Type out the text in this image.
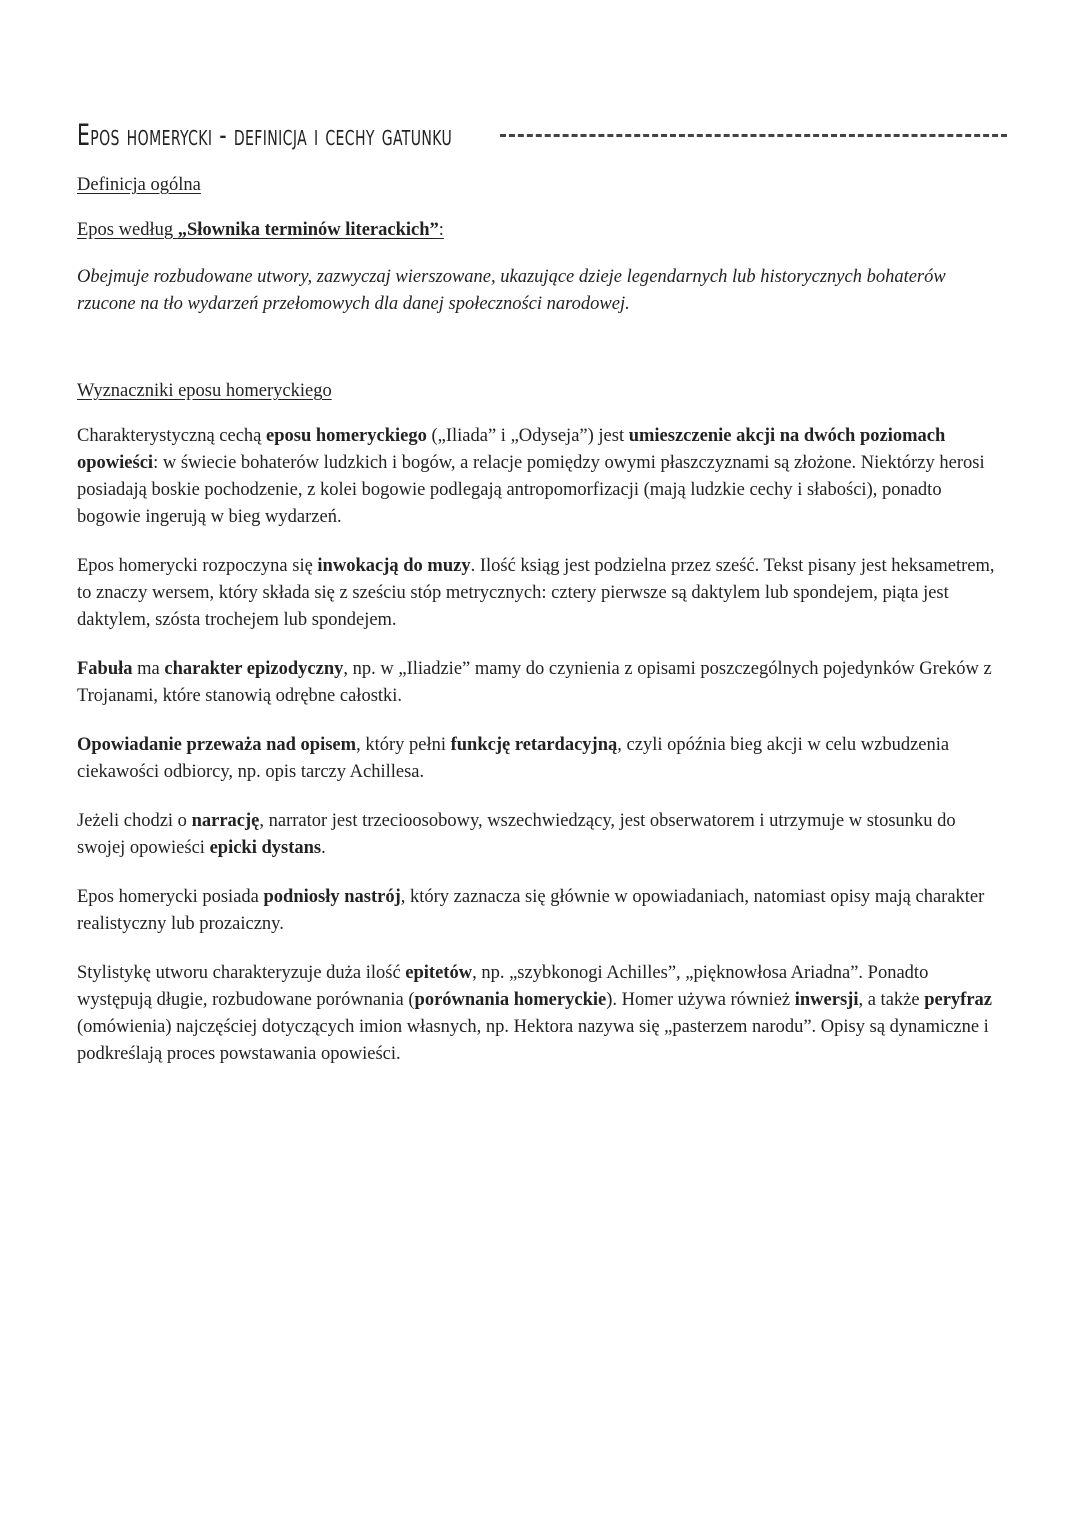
Epos homerycki - definicja i cechy gatunku
Definicja ogólna
Epos według „Słownika terminów literackich”:
Obejmuje rozbudowane utwory, zazwyczaj wierszowane, ukazujące dzieje legendarnych lub historycznych bohaterów rzucone na tło wydarzeń przełomowych dla danej społeczności narodowej.
Wyznaczniki eposu homeryckiego

Charakterystyczną cechą eposu homeryckiego („Iliada” i „Odyseja”) jest umieszczenie akcji na dwóch poziomach opowieści: w świecie bohaterów ludzkich i bogów, a relacje pomiędzy owymi płaszczyznami są złożone. Niektórzy herosi posiadają boskie pochodzenie, z kolei bogowie podlegają antropomorfizacji (mają ludzkie cechy i słabości), ponadto bogowie ingerują w bieg wydarzeń.

Epos homerycki rozpoczyna się inwokacją do muzy. Ilość ksiąg jest podzielna przez sześć. Tekst pisany jest heksametrem, to znaczy wersem, który składa się z sześciu stóp metrycznych: cztery pierwsze są daktylem lub spondejem, piąta jest daktylem, szósta trochejem lub spondejem.

Fabuła ma charakter epizodyczny, np. w „Iliadzie” mamy do czynienia z opisami poszczególnych pojedynków Greków z Trojanami, które stanowią odrębne całostki.

Opowiadanie przeważa nad opisem, który pełni funkcję retardacyjną, czyli opóźnia bieg akcji w celu wzbudzenia ciekawości odbiorcy, np. opis tarczy Achillesa.

Jeżeli chodzi o narrację, narrator jest trzecioosobowy, wszechwiedzący, jest obserwatorem i utrzymuje w stosunku do swojej opowieści epicki dystans.

Epos homerycki posiada podniosły nastrój, który zaznacza się głównie w opowiadaniach, natomiast opisy mają charakter realistyczny lub prozaiczny.

Stylistykę utworu charakteryzuje duża ilość epitetów, np. „szybkonogi Achilles”, „pięknowłosa Ariadna”. Ponadto występują długie, rozbudowane porównania (porównania homeryckie). Homer używa również inwersji, a także peryfraz (omówienia) najczęściej dotyczących imion własnych, np. Hektora nazywa się „pasterzem narodu”. Opisy są dynamiczne i podkreślają proces powstawania opowieści.
